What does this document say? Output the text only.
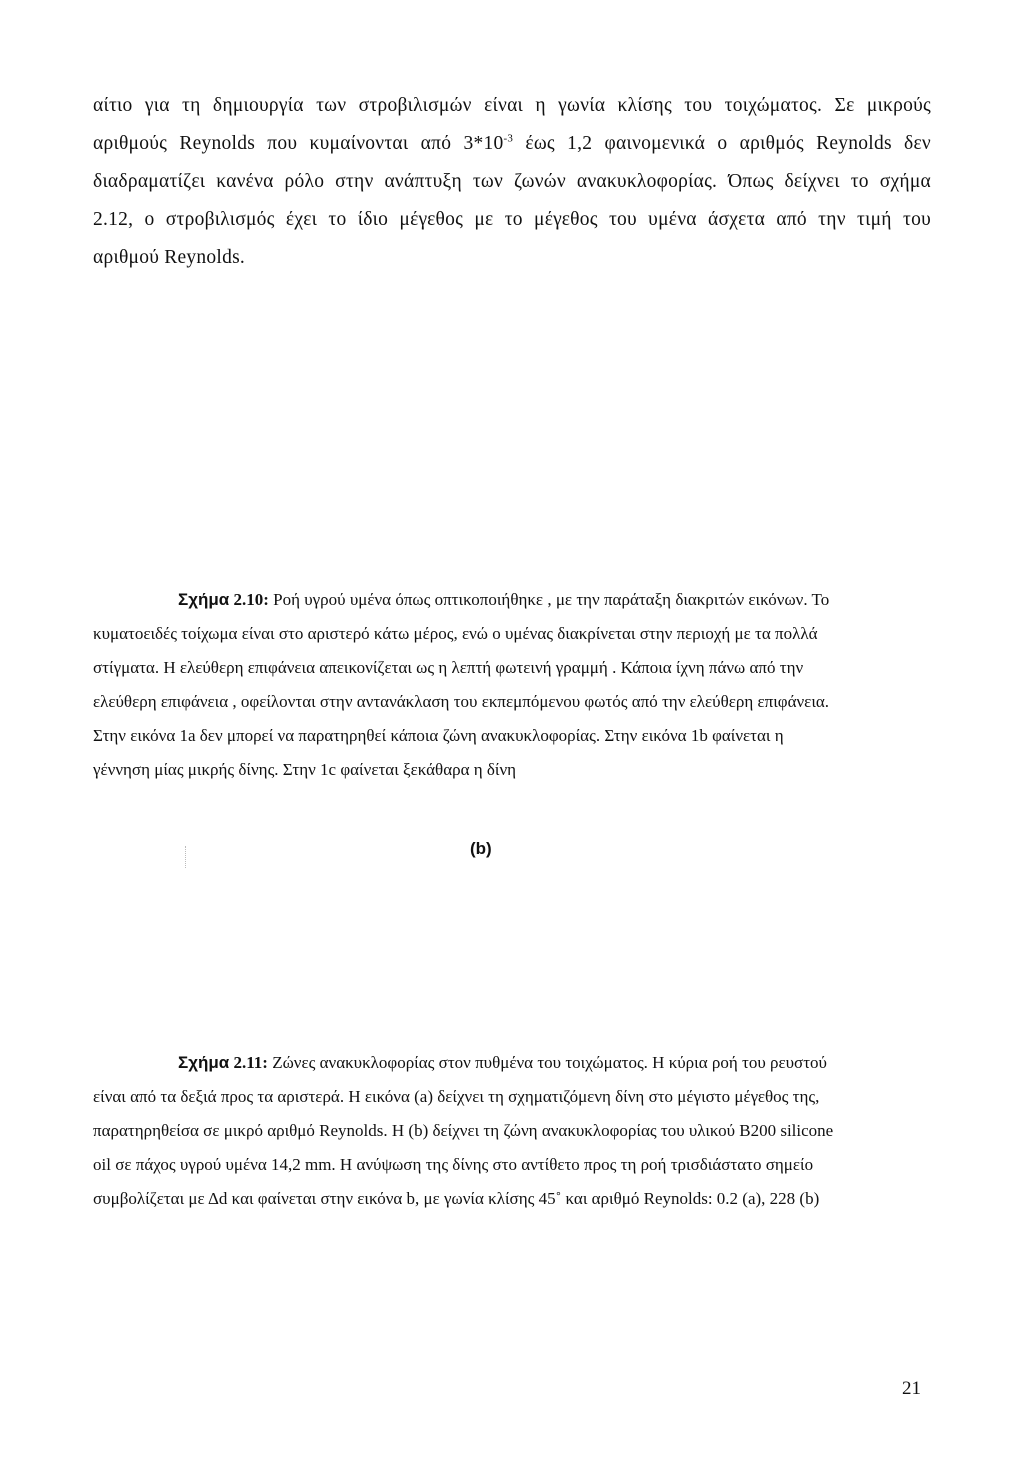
αίτιο για τη δημιουργία των στροβιλισμών είναι η γωνία κλίσης του τοιχώματος. Σε μικρούς
αριθμούς Reynolds που κυμαίνονται από $3*10^{-3}$ έως 1,2 φαινομενικά ο αριθμός Reynolds δεν
διαδραματίζει κανένα ρόλο στην ανάπτυξη των ζωνών ανακυκλοφορίας. Όπως δείχνει το σχήμα
2.12, ο στροβιλισμός έχει το ίδιο μέγεθος με το μέγεθος του υμένα άσχετα από την τιμή του
αριθμού Reynolds.
Σχήμα 2.10: Ροή υγρού υμένα όπως οπτικοποιήθηκε , με την παράταξη διακριτών εικόνων. Το
κυματοειδές τοίχωμα είναι στο αριστερό κάτω μέρος, ενώ ο υμένας διακρίνεται στην περιοχή με τα πολλά
στίγματα. Η ελεύθερη επιφάνεια απεικονίζεται ως η λεπτή φωτεινή γραμμή . Κάποια ίχνη πάνω από την
ελεύθερη επιφάνεια , οφείλονται στην αντανάκλαση του εκπεμπόμενου φωτός από την ελεύθερη επιφάνεια.
Στην εικόνα 1a δεν μπορεί να παρατηρηθεί κάποια ζώνη ανακυκλοφορίας. Στην εικόνα 1b φαίνεται η
γέννηση μίας μικρής δίνης. Στην 1c φαίνεται ξεκάθαρα η δίνη
(b)
Σχήμα 2.11: Ζώνες ανακυκλοφορίας στον πυθμένα του τοιχώματος. Η κύρια ροή του ρευστού
είναι από τα δεξιά προς τα αριστερά. Η εικόνα (a) δείχνει τη σχηματιζόμενη δίνη στο μέγιστο μέγεθος της,
παρατηρηθείσα σε μικρό αριθμό Reynolds. Η (b) δείχνει τη ζώνη ανακυκλοφορίας του υλικού B200 silicone
oil σε πάχος υγρού υμένα 14,2 mm. Η ανύψωση της δίνης στο αντίθετο προς τη ροή τρισδιάστατο σημείο
συμβολίζεται με Δd και φαίνεται στην εικόνα b, με γωνία κλίσης 45˚ και αριθμό Reynolds: 0.2 (a), 228 (b)
21
